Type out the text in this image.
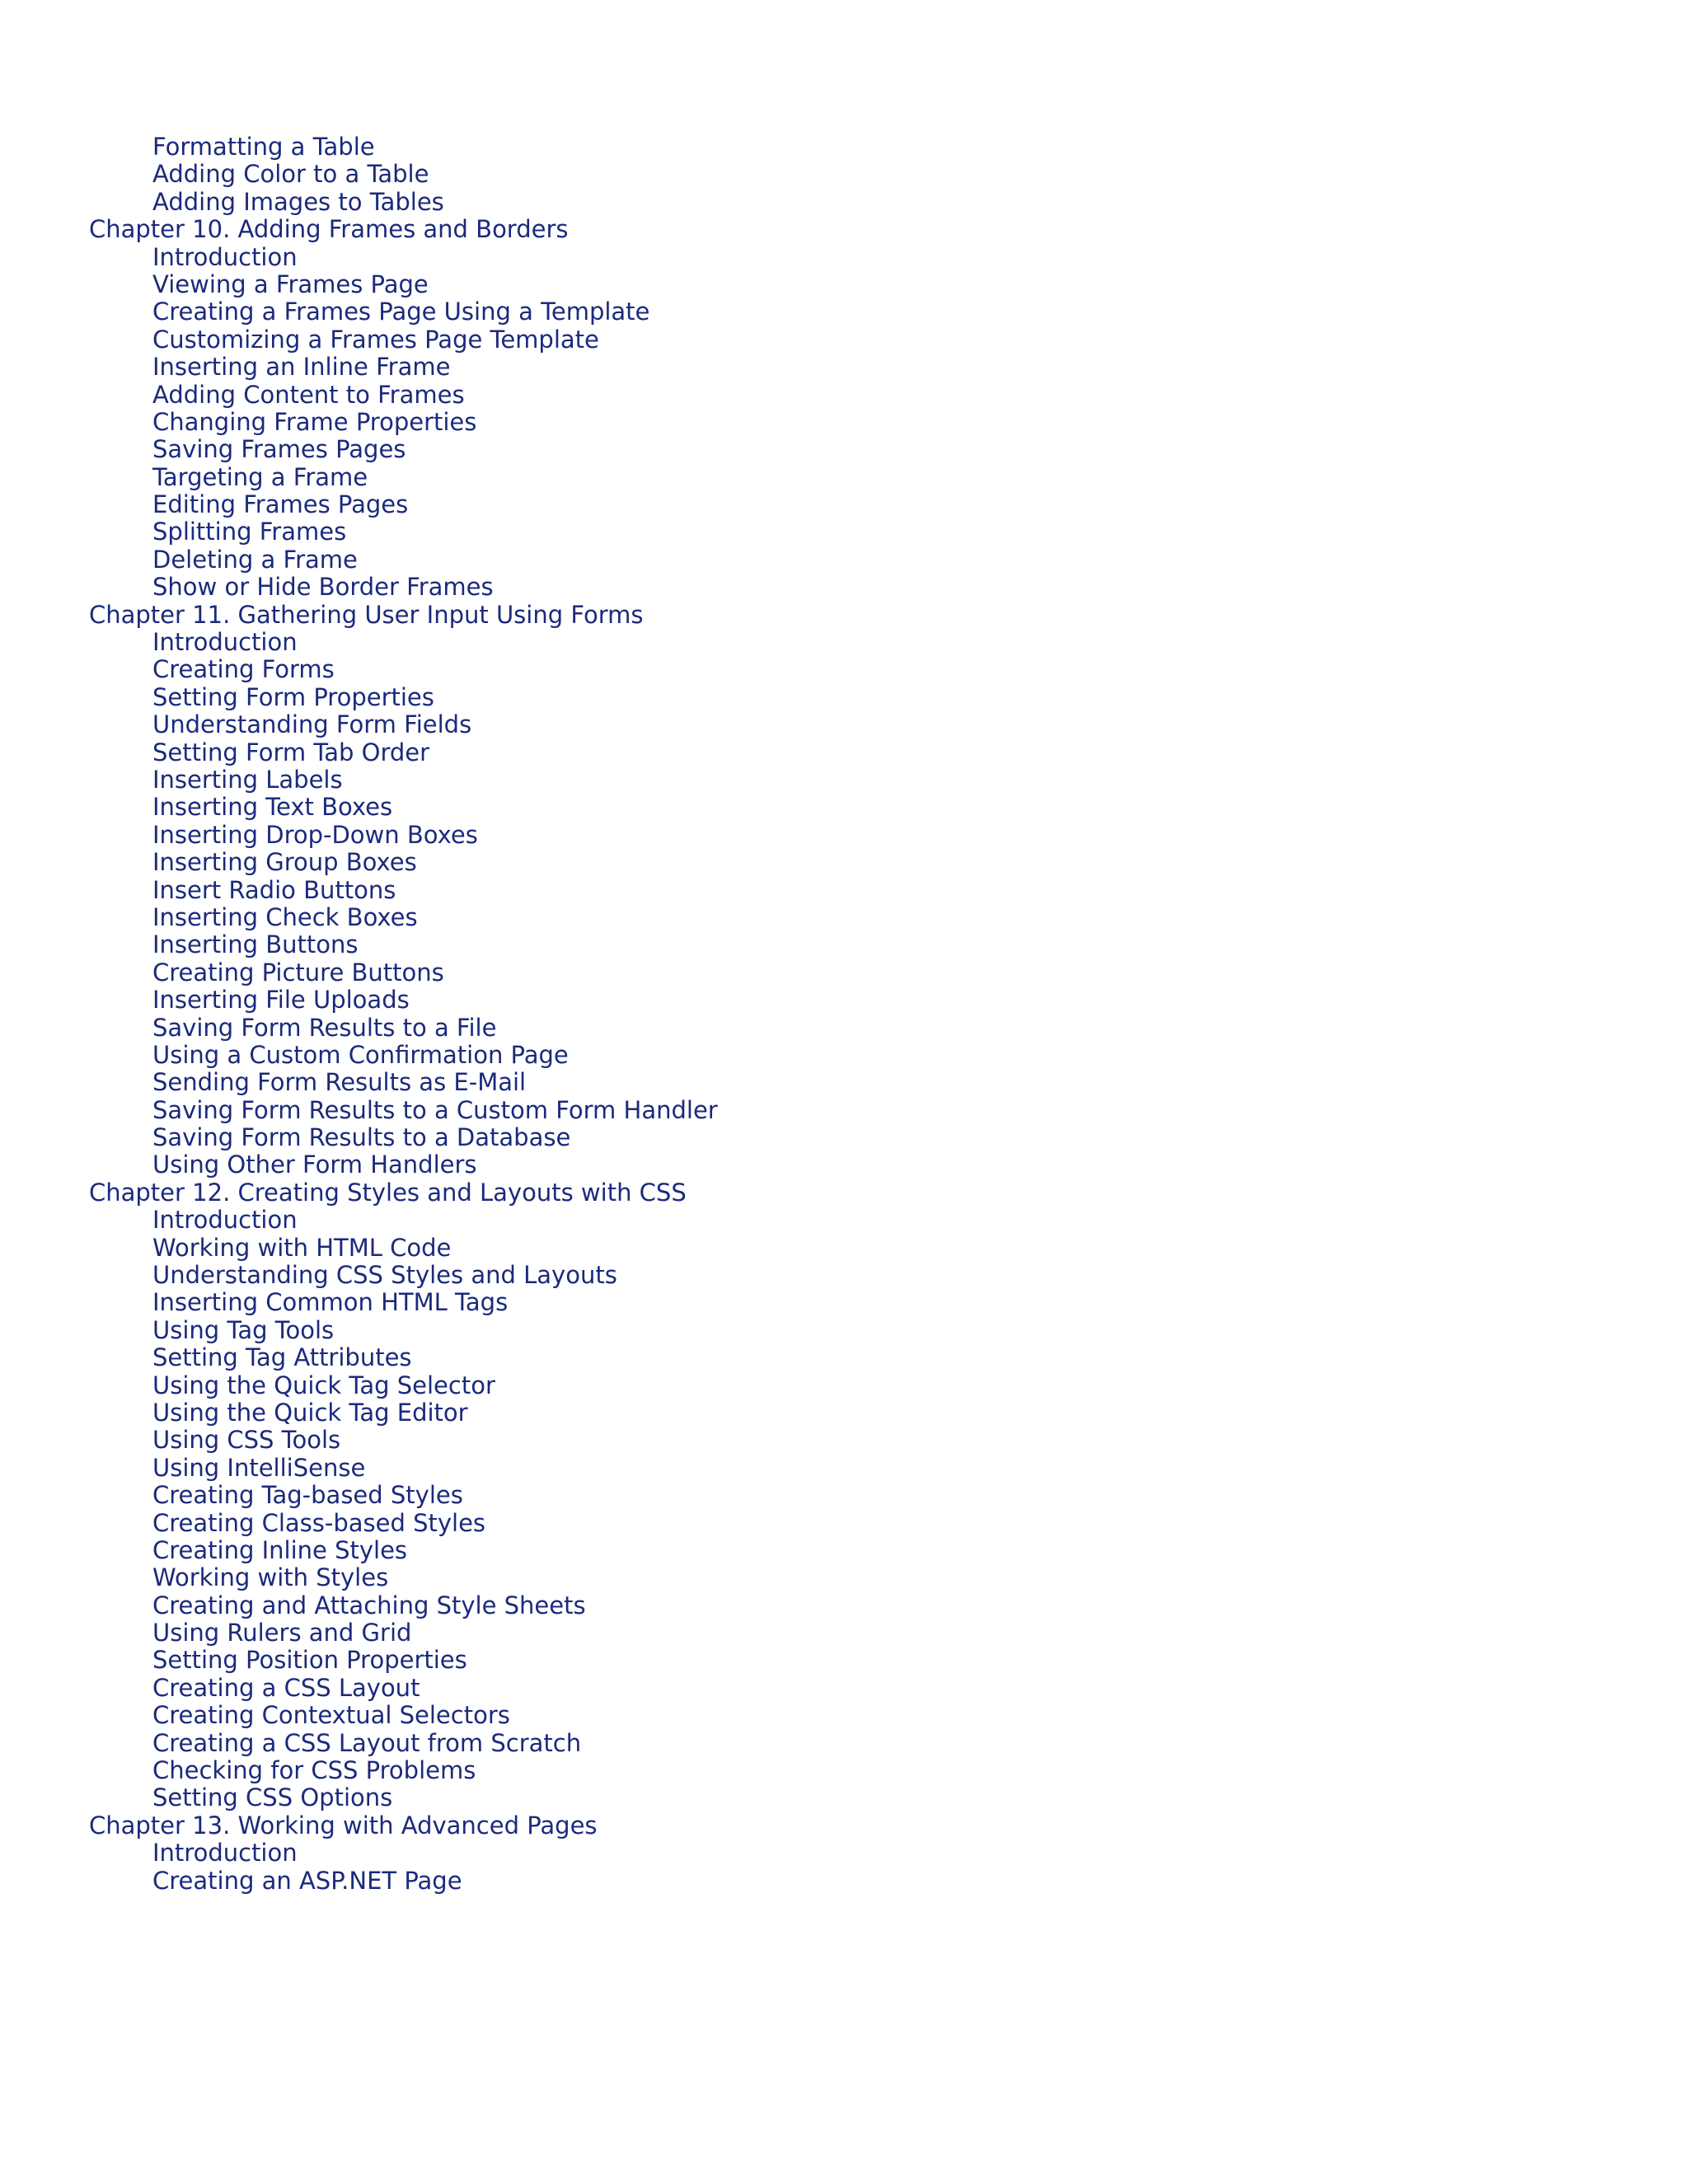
Formatting a Table
Adding Color to a Table
Adding Images to Tables
Chapter 10. Adding Frames and Borders
Introduction
Viewing a Frames Page
Creating a Frames Page Using a Template
Customizing a Frames Page Template
Inserting an Inline Frame
Adding Content to Frames
Changing Frame Properties
Saving Frames Pages
Targeting a Frame
Editing Frames Pages
Splitting Frames
Deleting a Frame
Show or Hide Border Frames
Chapter 11. Gathering User Input Using Forms
Introduction
Creating Forms
Setting Form Properties
Understanding Form Fields
Setting Form Tab Order
Inserting Labels
Inserting Text Boxes
Inserting Drop-Down Boxes
Inserting Group Boxes
Insert Radio Buttons
Inserting Check Boxes
Inserting Buttons
Creating Picture Buttons
Inserting File Uploads
Saving Form Results to a File
Using a Custom Confirmation Page
Sending Form Results as E-Mail
Saving Form Results to a Custom Form Handler
Saving Form Results to a Database
Using Other Form Handlers
Chapter 12. Creating Styles and Layouts with CSS
Introduction
Working with HTML Code
Understanding CSS Styles and Layouts
Inserting Common HTML Tags
Using Tag Tools
Setting Tag Attributes
Using the Quick Tag Selector
Using the Quick Tag Editor
Using CSS Tools
Using IntelliSense
Creating Tag-based Styles
Creating Class-based Styles
Creating Inline Styles
Working with Styles
Creating and Attaching Style Sheets
Using Rulers and Grid
Setting Position Properties
Creating a CSS Layout
Creating Contextual Selectors
Creating a CSS Layout from Scratch
Checking for CSS Problems
Setting CSS Options
Chapter 13. Working with Advanced Pages
Introduction
Creating an ASP.NET Page
